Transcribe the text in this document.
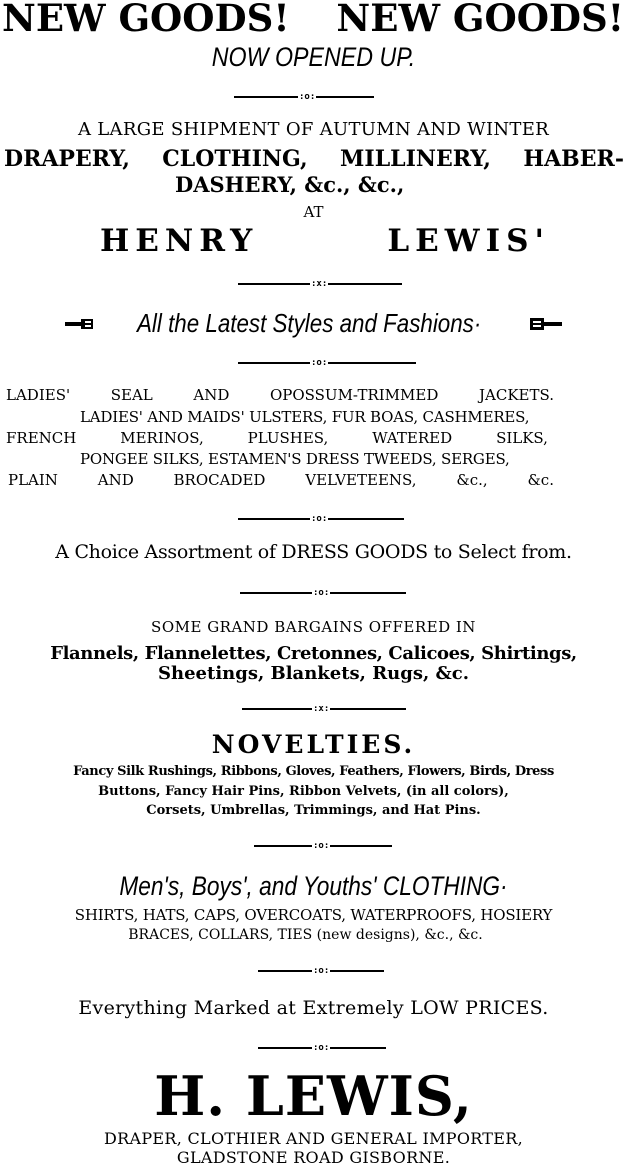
NEW GOODS! NEW GOODS!
NOW OPENED UP.
:o:
A LARGE SHIPMENT OF AUTUMN AND WINTER
DRAPERY, CLOTHING, MILLINERY, HABER-
DASHERY, &c., &c.,
AT
HENRY	LEWIS'
:x:
All the Latest Styles and Fashions·
:o:
LADIES'	SEAL	AND	OPOSSUM-TRIMMED	JACKETS.
LADIES' AND MAIDS' ULSTERS, FUR BOAS, CASHMERES,
FRENCH	MERINOS,	PLUSHES,	WATERED	SILKS,
PONGEE SILKS, ESTAMEN'S DRESS TWEEDS, SERGES,
PLAIN	AND	BROCADED	VELVETEENS,	&c.,	&c.
:o:
A Choice Assortment of DRESS GOODS to Select from.
:o:
SOME GRAND BARGAINS OFFERED IN
Flannels, Flannelettes, Cretonnes, Calicoes, Shirtings,
Sheetings, Blankets, Rugs, &c.
:x:
NOVELTIES.
Fancy Silk Rushings, Ribbons, Gloves, Feathers, Flowers, Birds, Dress
Buttons, Fancy Hair Pins, Ribbon Velvets, (in all colors),
Corsets, Umbrellas, Trimmings, and Hat Pins.
:o:
Men's, Boys', and Youths' CLOTHING·
SHIRTS, HATS, CAPS, OVERCOATS, WATERPROOFS, HOSIERY
BRACES, COLLARS, TIES (new designs), &c., &c.
:o:
Everything Marked at Extremely LOW PRICES.
:o:
H. LEWIS,
DRAPER, CLOTHIER AND GENERAL IMPORTER,
GLADSTONE ROAD GISBORNE.
